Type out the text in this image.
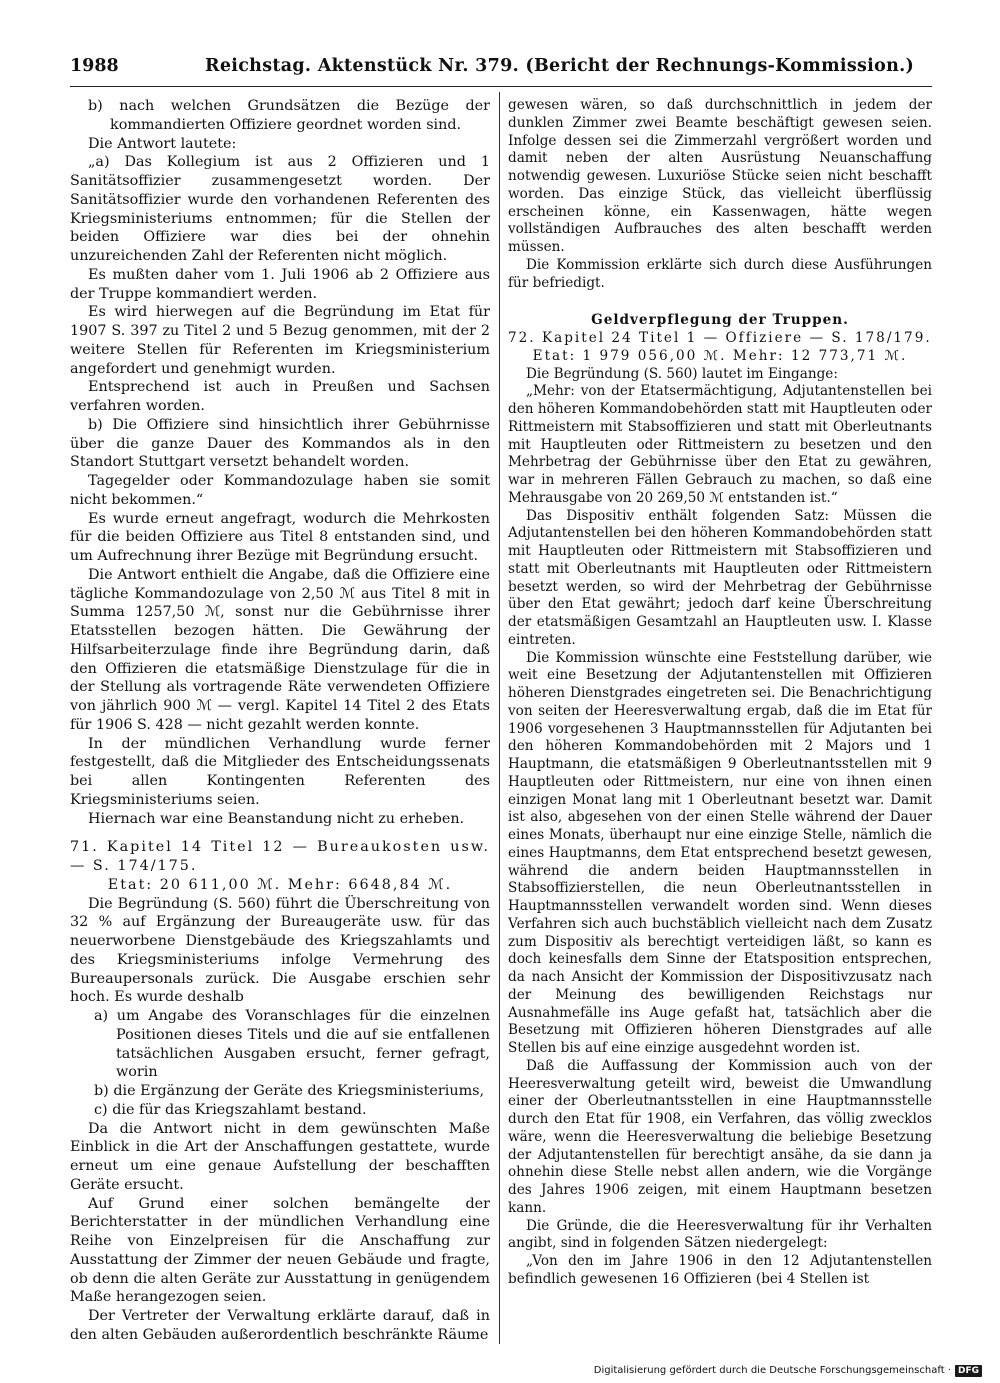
1988	Reichstag. Aktenstück Nr. 379. (Bericht der Rechnungs-Kommission.)

b) nach welchen Grundsätzen die Bezüge der kommandierten Offiziere geordnet worden sind.

Die Antwort lautete:

„a) Das Kollegium ist aus 2 Offizieren und 1 Sanitätsoffizier zusammengesetzt worden. Der Sanitätsoffizier wurde den vorhandenen Referenten des Kriegsministeriums entnommen; für die Stellen der beiden Offiziere war dies bei der ohnehin unzureichenden Zahl der Referenten nicht möglich.

Es mußten daher vom 1. Juli 1906 ab 2 Offiziere aus der Truppe kommandiert werden.

Es wird hierwegen auf die Begründung im Etat für 1907 S. 397 zu Titel 2 und 5 Bezug genommen, mit der 2 weitere Stellen für Referenten im Kriegsministerium angefordert und genehmigt wurden.

Entsprechend ist auch in Preußen und Sachsen verfahren worden.

b) Die Offiziere sind hinsichtlich ihrer Gebührnisse über die ganze Dauer des Kommandos als in den Standort Stuttgart versetzt behandelt worden.

Tagegelder oder Kommandozulage haben sie somit nicht bekommen.“

Es wurde erneut angefragt, wodurch die Mehrkosten für die beiden Offiziere aus Titel 8 entstanden sind, und um Aufrechnung ihrer Bezüge mit Begründung ersucht.

Die Antwort enthielt die Angabe, daß die Offiziere eine tägliche Kommandozulage von 2,50 ℳ aus Titel 8 mit in Summa 1257,50 ℳ, sonst nur die Gebührnisse ihrer Etatsstellen bezogen hätten. Die Gewährung der Hilfsarbeiterzulage finde ihre Begründung darin, daß den Offizieren die etatsmäßige Dienstzulage für die in der Stellung als vortragende Räte verwendeten Offiziere von jährlich 900 ℳ — vergl. Kapitel 14 Titel 2 des Etats für 1906 S. 428 — nicht gezahlt werden konnte.

In der mündlichen Verhandlung wurde ferner festgestellt, daß die Mitglieder des Entscheidungssenats bei allen Kontingenten Referenten des Kriegsministeriums seien.

Hiernach war eine Beanstandung nicht zu erheben.

71. Kapitel 14 Titel 12 — Bureaukosten usw. — S. 174/175.

Etat: 20 611,00 ℳ. Mehr: 6648,84 ℳ.

Die Begründung (S. 560) führt die Überschreitung von 32 % auf Ergänzung der Bureaugeräte usw. für das neuerworbene Dienstgebäude des Kriegszahlamts und des Kriegsministeriums infolge Vermehrung des Bureaupersonals zurück. Die Ausgabe erschien sehr hoch. Es wurde deshalb

a) um Angabe des Voranschlages für die einzelnen Positionen dieses Titels und die auf sie entfallenen tatsächlichen Ausgaben ersucht, ferner gefragt, worin

b) die Ergänzung der Geräte des Kriegsministeriums,

c) die für das Kriegszahlamt bestand.

Da die Antwort nicht in dem gewünschten Maße Einblick in die Art der Anschaffungen gestattete, wurde erneut um eine genaue Aufstellung der beschafften Geräte ersucht.

Auf Grund einer solchen bemängelte der Berichterstatter in der mündlichen Verhandlung eine Reihe von Einzelpreisen für die Anschaffung zur Ausstattung der Zimmer der neuen Gebäude und fragte, ob denn die alten Geräte zur Ausstattung in genügendem Maße herangezogen seien.

Der Vertreter der Verwaltung erklärte darauf, daß in den alten Gebäuden außerordentlich beschränkte Räume

gewesen wären, so daß durchschnittlich in jedem der dunklen Zimmer zwei Beamte beschäftigt gewesen seien. Infolge dessen sei die Zimmerzahl vergrößert worden und damit neben der alten Ausrüstung Neuanschaffung notwendig gewesen. Luxuriöse Stücke seien nicht beschafft worden. Das einzige Stück, das vielleicht überflüssig erscheinen könne, ein Kassenwagen, hätte wegen vollständigen Aufbrauches des alten beschafft werden müssen.

Die Kommission erklärte sich durch diese Ausführungen für befriedigt.

Geldverpflegung der Truppen.

72. Kapitel 24 Titel 1 — Offiziere — S. 178/179.

Etat: 1 979 056,00 ℳ. Mehr: 12 773,71 ℳ.

Die Begründung (S. 560) lautet im Eingange:

„Mehr: von der Etatsermächtigung, Adjutantenstellen bei den höheren Kommandobehörden statt mit Hauptleuten oder Rittmeistern mit Stabsoffizieren und statt mit Oberleutnants mit Hauptleuten oder Rittmeistern zu besetzen und den Mehrbetrag der Gebührnisse über den Etat zu gewähren, war in mehreren Fällen Gebrauch zu machen, so daß eine Mehrausgabe von 20 269,50 ℳ entstanden ist.“

Das Dispositiv enthält folgenden Satz: Müssen die Adjutantenstellen bei den höheren Kommandobehörden statt mit Hauptleuten oder Rittmeistern mit Stabsoffizieren und statt mit Oberleutnants mit Hauptleuten oder Rittmeistern besetzt werden, so wird der Mehrbetrag der Gebührnisse über den Etat gewährt; jedoch darf keine Überschreitung der etatsmäßigen Gesamtzahl an Hauptleuten usw. I. Klasse eintreten.

Die Kommission wünschte eine Feststellung darüber, wie weit eine Besetzung der Adjutantenstellen mit Offizieren höheren Dienstgrades eingetreten sei. Die Benachrichtigung von seiten der Heeresverwaltung ergab, daß die im Etat für 1906 vorgesehenen 3 Hauptmannsstellen für Adjutanten bei den höheren Kommandobehörden mit 2 Majors und 1 Hauptmann, die etatsmäßigen 9 Oberleutnantsstellen mit 9 Hauptleuten oder Rittmeistern, nur eine von ihnen einen einzigen Monat lang mit 1 Oberleutnant besetzt war. Damit ist also, abgesehen von der einen Stelle während der Dauer eines Monats, überhaupt nur eine einzige Stelle, nämlich die eines Hauptmanns, dem Etat entsprechend besetzt gewesen, während die andern beiden Hauptmannsstellen in Stabsoffizierstellen, die neun Oberleutnantsstellen in Hauptmannsstellen verwandelt worden sind. Wenn dieses Verfahren sich auch buchstäblich vielleicht nach dem Zusatz zum Dispositiv als berechtigt verteidigen läßt, so kann es doch keinesfalls dem Sinne der Etatsposition entsprechen, da nach Ansicht der Kommission der Dispositivzusatz nach der Meinung des bewilligenden Reichstags nur Ausnahmefälle ins Auge gefaßt hat, tatsächlich aber die Besetzung mit Offizieren höheren Dienstgrades auf alle Stellen bis auf eine einzige ausgedehnt worden ist.

Daß die Auffassung der Kommission auch von der Heeresverwaltung geteilt wird, beweist die Umwandlung einer der Oberleutnantsstellen in eine Hauptmannsstelle durch den Etat für 1908, ein Verfahren, das völlig zwecklos wäre, wenn die Heeresverwaltung die beliebige Besetzung der Adjutantenstellen für berechtigt ansähe, da sie dann ja ohnehin diese Stelle nebst allen andern, wie die Vorgänge des Jahres 1906 zeigen, mit einem Hauptmann besetzen kann.

Die Gründe, die die Heeresverwaltung für ihr Verhalten angibt, sind in folgenden Sätzen niedergelegt:

„Von den im Jahre 1906 in den 12 Adjutantenstellen befindlich gewesenen 16 Offizieren (bei 4 Stellen ist

Digitalisierung gefördert durch die Deutsche Forschungsgemeinschaft · DFG
